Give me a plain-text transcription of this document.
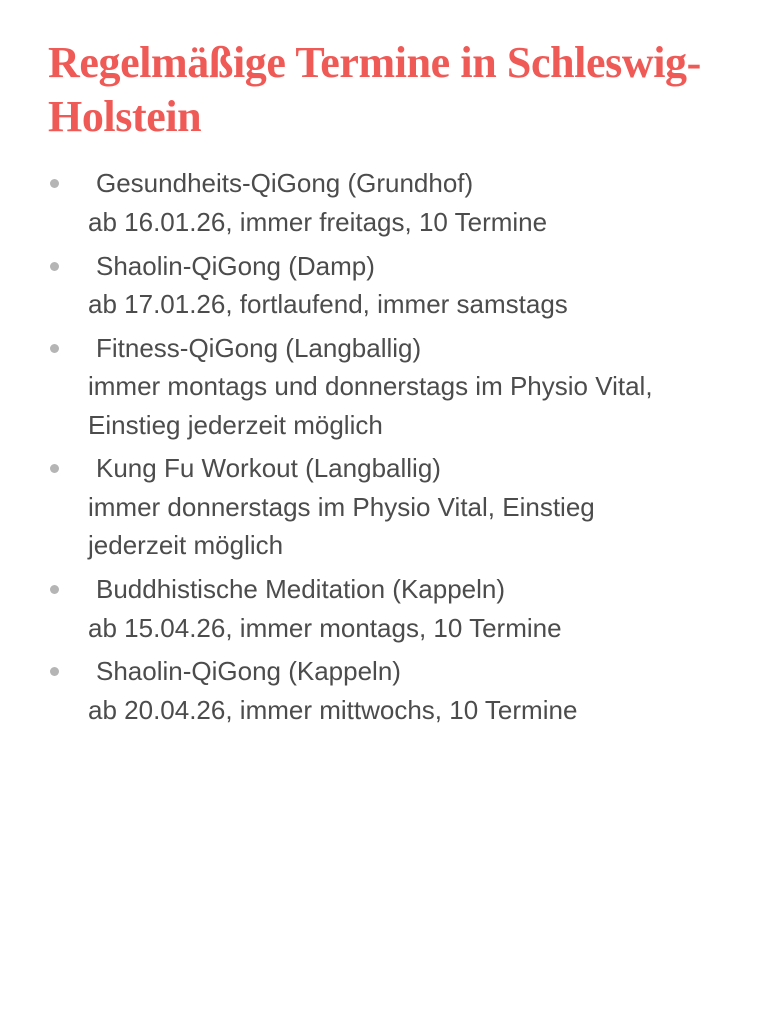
Regelmäßige Termine in Schleswig-Holstein
Gesundheits-QiGong (Grundhof)
ab 16.01.26, immer freitags, 10 Termine
Shaolin-QiGong (Damp)
ab 17.01.26, fortlaufend, immer samstags
Fitness-QiGong (Langballig)
immer montags und donnerstags im Physio Vital, Einstieg jederzeit möglich
Kung Fu Workout (Langballig)
immer donnerstags im Physio Vital, Einstieg jederzeit möglich
Buddhistische Meditation (Kappeln)
ab 15.04.26, immer montags, 10 Termine
Shaolin-QiGong (Kappeln)
ab 20.04.26, immer mittwochs, 10 Termine
